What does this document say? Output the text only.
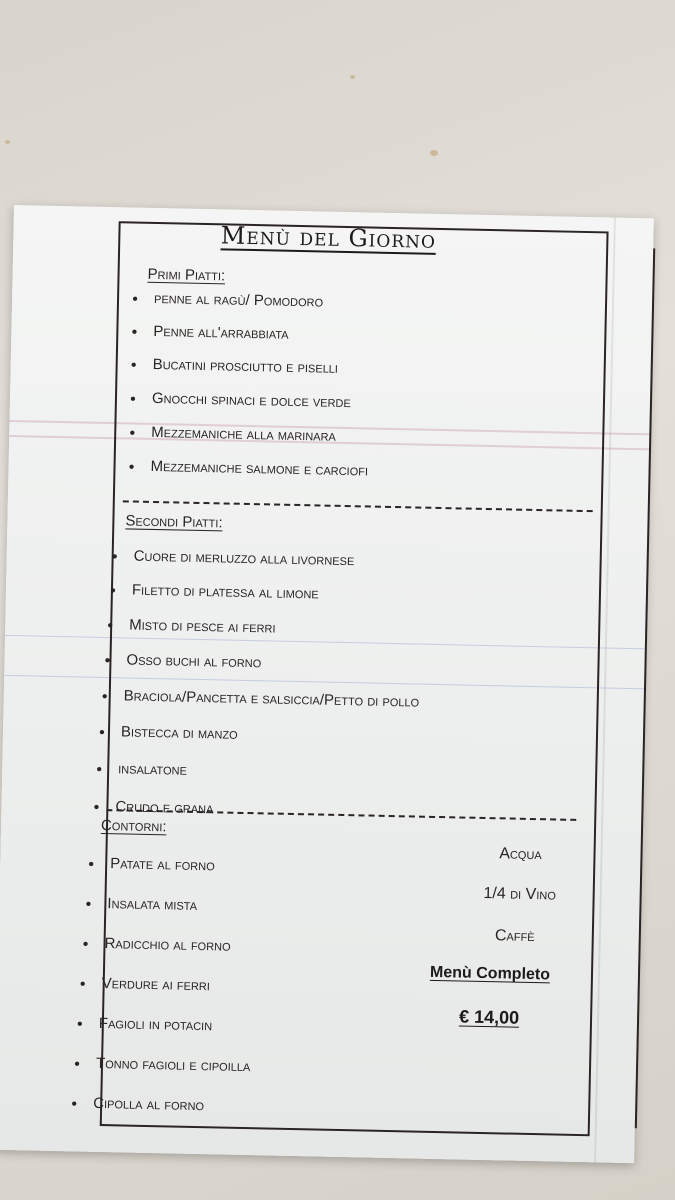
Menù del Giorno
Primi Piatti:
● penne al ragù/ Pomodoro
● Penne all'arrabbiata
● Bucatini prosciutto e piselli
● Gnocchi spinaci e dolce verde
● Mezzemaniche alla marinara
● Mezzemaniche salmone e carciofi
Secondi Piatti:
● Cuore di merluzzo alla livornese
● Filetto di platessa al limone
● Misto di pesce ai ferri
● Osso buchi al forno
● Braciola/Pancetta e salsiccia/Petto di pollo
● Bistecca di manzo
● insalatone
● Crudo e grana
Contorni:
● Patate al forno
● Insalata mista
● Radicchio al forno
● Verdure ai ferri
● Fagioli in potacin
● Tonno fagioli e cipoilla
● Cipolla al forno
Acqua
1/4 di Vino
Caffè
Menù Completo
€ 14,00
